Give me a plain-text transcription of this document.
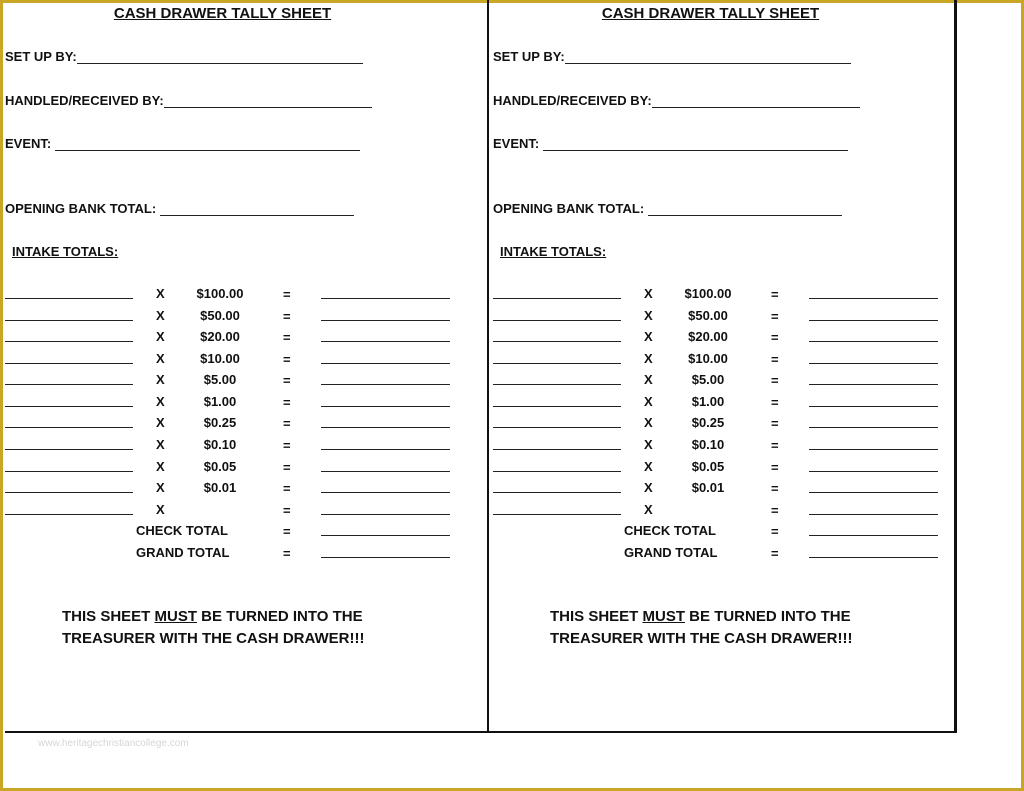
www.heritagechristiancollege.com
CASH DRAWER TALLY SHEET
SET UP BY:
HANDLED/RECEIVED BY:
EVENT:
OPENING BANK TOTAL:
INTAKE TOTALS:
X	$100.00	=
X	$50.00	=
X	$20.00	=
X	$10.00	=
X	$5.00	=
X	$1.00	=
X	$0.25	=
X	$0.10	=
X	$0.05	=
X	$0.01	=
X	=
CHECK TOTAL	=
GRAND TOTAL	=
THIS SHEET MUST BE TURNED INTO THE
TREASURER WITH THE CASH DRAWER!!!
CASH DRAWER TALLY SHEET
SET UP BY:
HANDLED/RECEIVED BY:
EVENT:
OPENING BANK TOTAL:
INTAKE TOTALS:
X	$100.00	=
X	$50.00	=
X	$20.00	=
X	$10.00	=
X	$5.00	=
X	$1.00	=
X	$0.25	=
X	$0.10	=
X	$0.05	=
X	$0.01	=
X	=
CHECK TOTAL	=
GRAND TOTAL	=
THIS SHEET MUST BE TURNED INTO THE
TREASURER WITH THE CASH DRAWER!!!
